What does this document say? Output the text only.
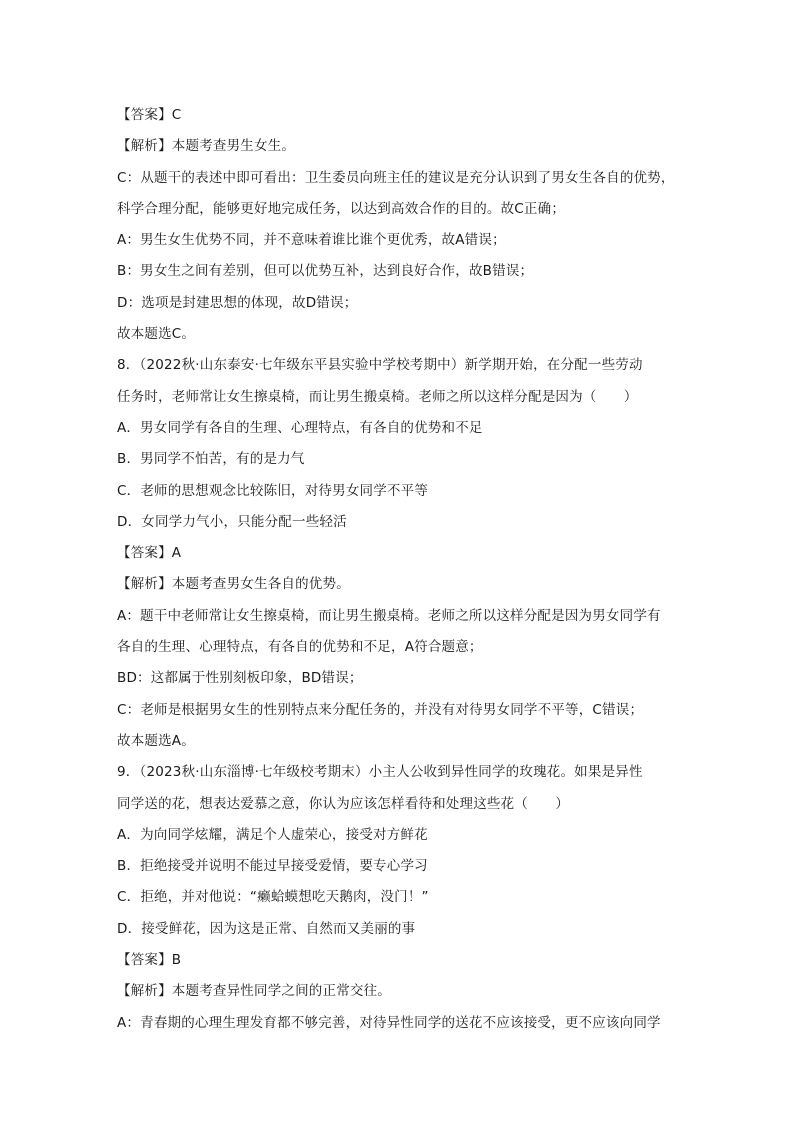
【答案】C
【解析】本题考查男生女生。
C：从题干的表述中即可看出：卫生委员向班主任的建议是充分认识到了男女生各自的优势，
科学合理分配，能够更好地完成任务，以达到高效合作的目的。故C正确；
A：男生女生优势不同，并不意味着谁比谁个更优秀，故A错误；
B：男女生之间有差别，但可以优势互补，达到良好合作，故B错误；
D：选项是封建思想的体现，故D错误；
故本题选C。
8．（2022秋·山东泰安·七年级东平县实验中学校考期中）新学期开始，在分配一些劳动
任务时，老师常让女生擦桌椅，而让男生搬桌椅。老师之所以这样分配是因为（　　）
A．男女同学有各自的生理、心理特点，有各自的优势和不足
B．男同学不怕苦，有的是力气
C．老师的思想观念比较陈旧，对待男女同学不平等
D．女同学力气小，只能分配一些轻活
【答案】A
【解析】本题考查男女生各自的优势。
A：题干中老师常让女生擦桌椅，而让男生搬桌椅。老师之所以这样分配是因为男女同学有
各自的生理、心理特点，有各自的优势和不足，A符合题意；
BD：这都属于性别刻板印象，BD错误；
C：老师是根据男女生的性别特点来分配任务的，并没有对待男女同学不平等，C错误；
故本题选A。
9．（2023秋·山东淄博·七年级校考期末）小主人公收到异性同学的玫瑰花。如果是异性
同学送的花，想表达爱慕之意，你认为应该怎样看待和处理这些花（　　）
A．为向同学炫耀，满足个人虚荣心，接受对方鲜花
B．拒绝接受并说明不能过早接受爱情，要专心学习
C．拒绝，并对他说：“癞蛤蟆想吃天鹅肉，没门！”
D．接受鲜花，因为这是正常、自然而又美丽的事
【答案】B
【解析】本题考查异性同学之间的正常交往。
A：青春期的心理生理发育都不够完善，对待异性同学的送花不应该接受，更不应该向同学
